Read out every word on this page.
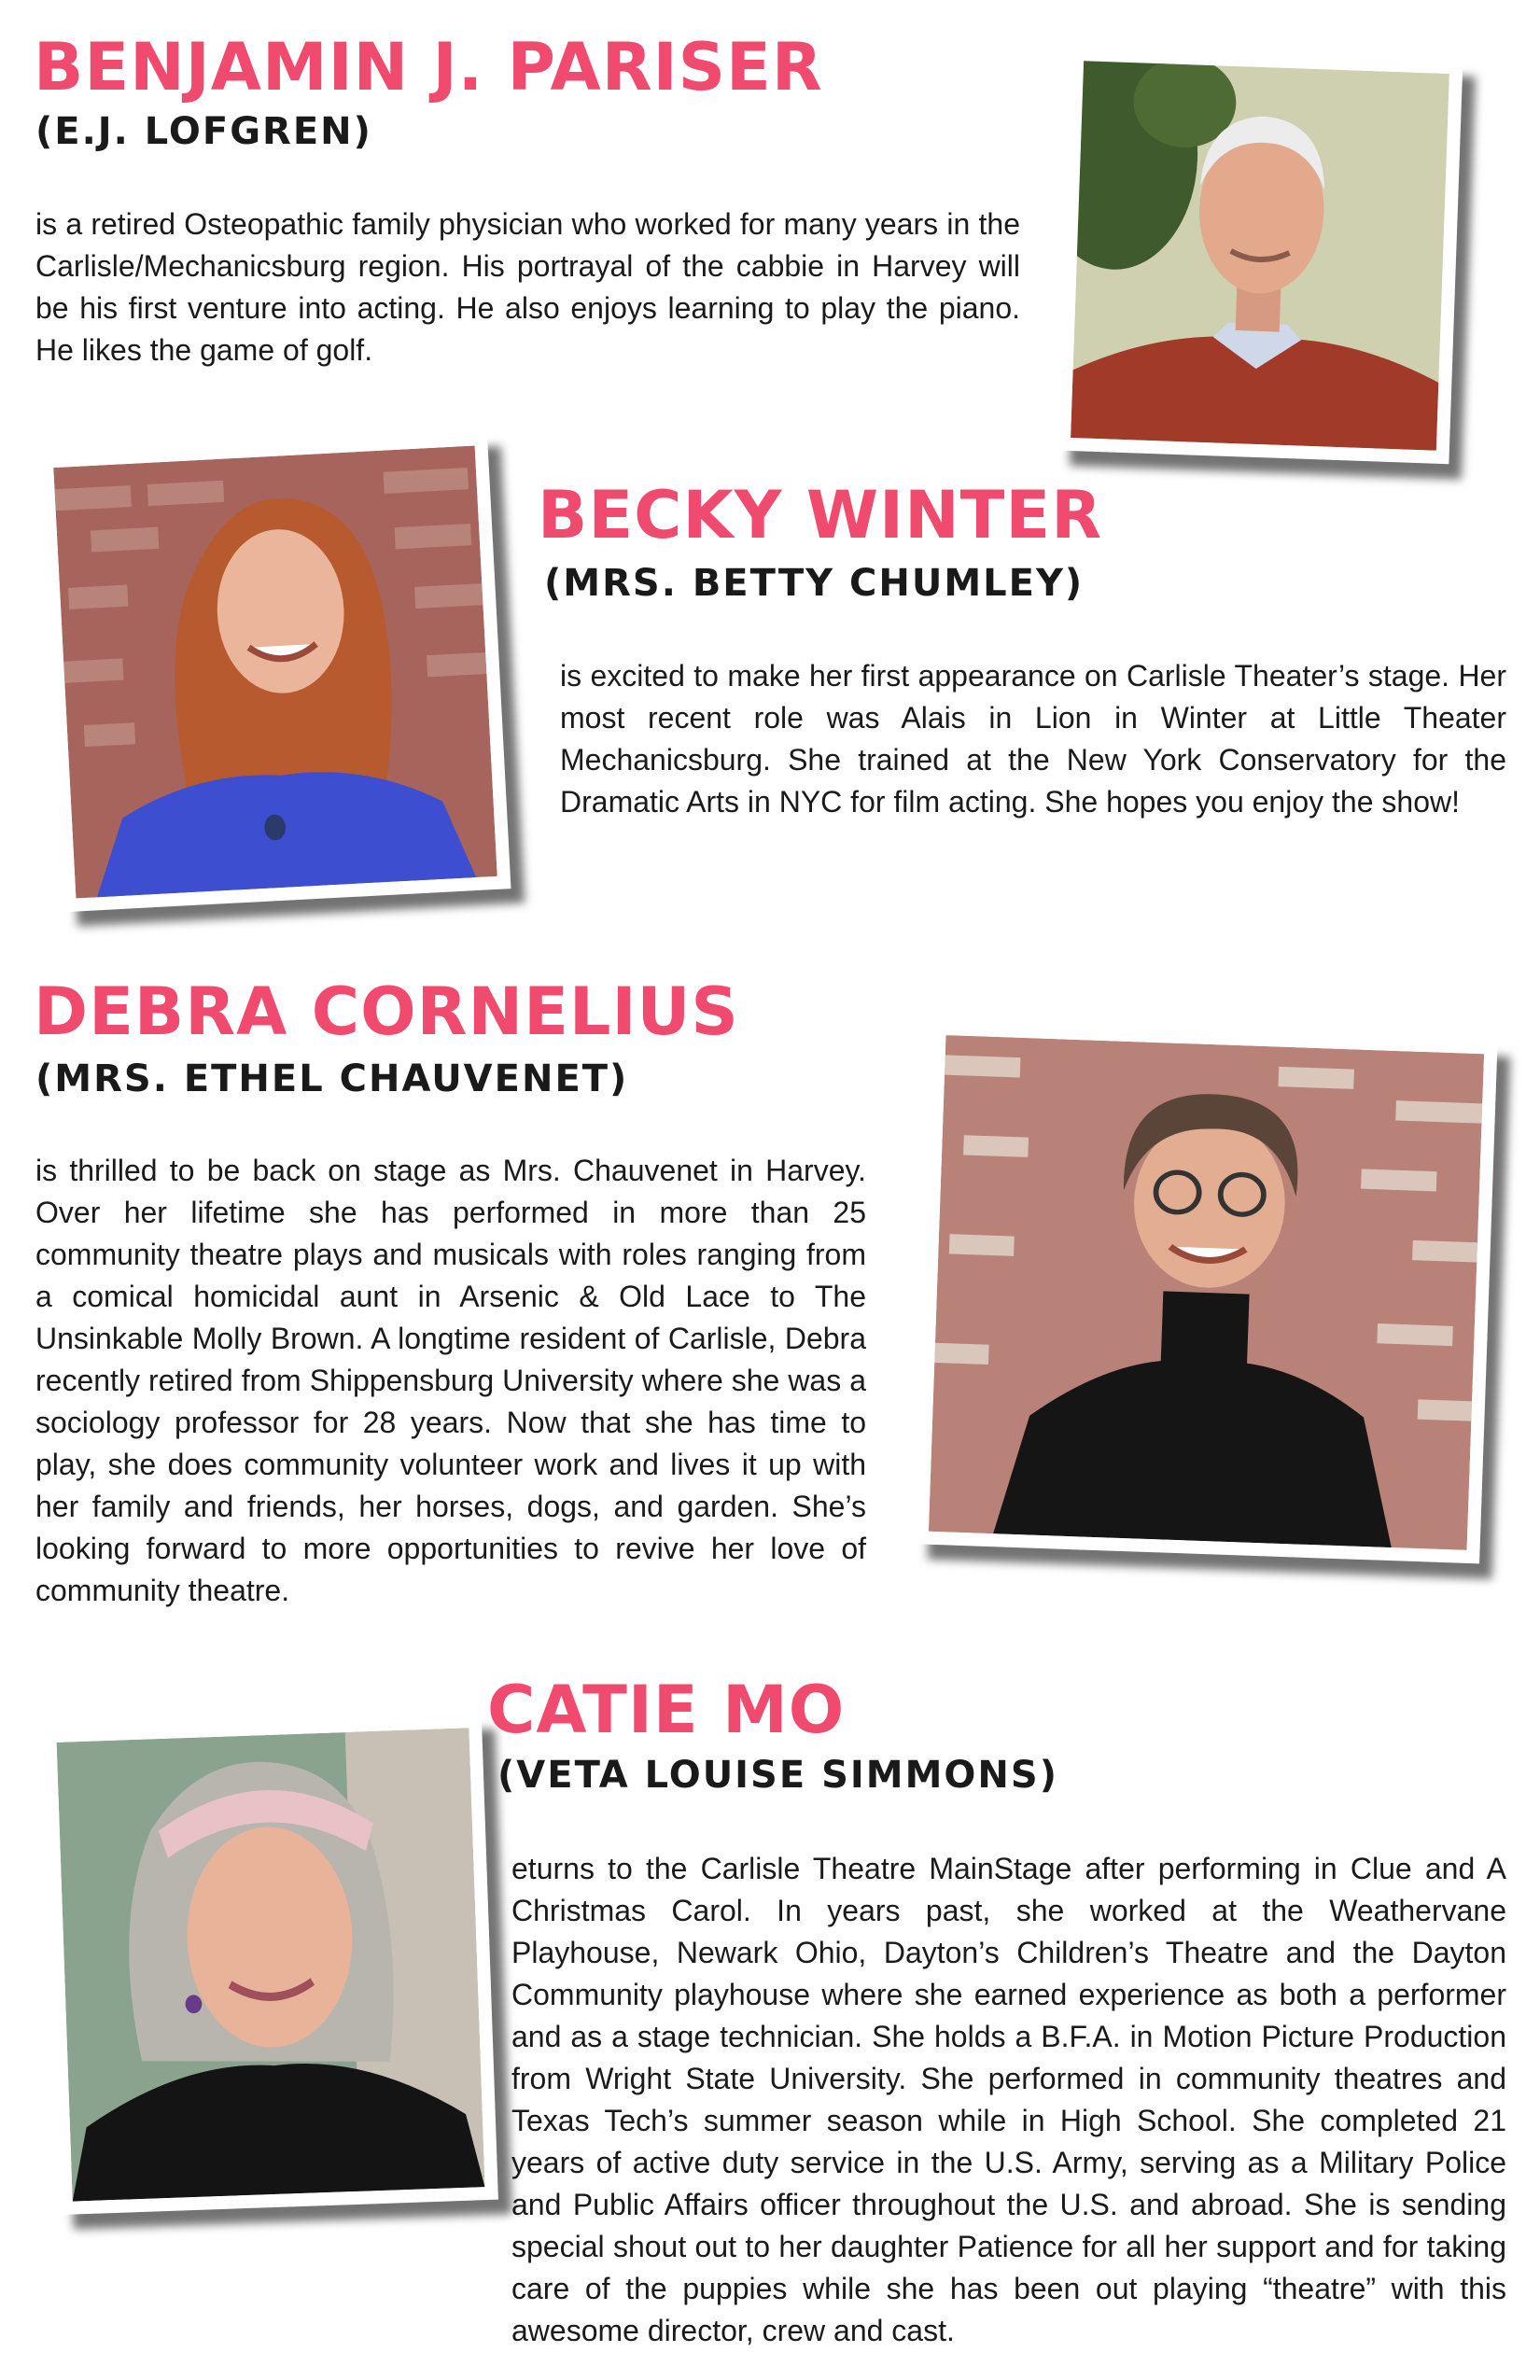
BENJAMIN J. PARISER
(E.J. LOFGREN)

is a retired Osteopathic family physician who worked for many years in the Carlisle/Mechanicsburg region. His portrayal of the cabbie in Harvey will be his first venture into acting. He also enjoys learning to play the piano. He likes the game of golf.

BECKY WINTER
(MRS. BETTY CHUMLEY)

is excited to make her first appearance on Carlisle Theater’s stage. Her most recent role was Alais in Lion in Winter at Little Theater Mechanicsburg. She trained at the New York Conservatory for the Dramatic Arts in NYC for film acting. She hopes you enjoy the show!

DEBRA CORNELIUS
(MRS. ETHEL CHAUVENET)

is thrilled to be back on stage as Mrs. Chauvenet in Harvey. Over her lifetime she has performed in more than 25 community theatre plays and musicals with roles ranging from a comical homicidal aunt in Arsenic & Old Lace to The Unsinkable Molly Brown. A longtime resident of Carlisle, Debra recently retired from Shippensburg University where she was a sociology professor for 28 years. Now that she has time to play, she does community volunteer work and lives it up with her family and friends, her horses, dogs, and garden. She’s looking forward to more opportunities to revive her love of community theatre.

CATIE MO
(VETA LOUISE SIMMONS)

eturns to the Carlisle Theatre MainStage after performing in Clue and A Christmas Carol. In years past, she worked at the Weathervane Playhouse, Newark Ohio, Dayton’s Children’s Theatre and the Dayton Community playhouse where she earned experience as both a performer and as a stage technician. She holds a B.F.A. in Motion Picture Production from Wright State University. She performed in community theatres and Texas Tech’s summer season while in High School. She completed 21 years of active duty service in the U.S. Army, serving as a Military Police and Public Affairs officer throughout the U.S. and abroad. She is sending special shout out to her daughter Patience for all her support and for taking care of the puppies while she has been out playing “theatre” with this awesome director, crew and cast.
